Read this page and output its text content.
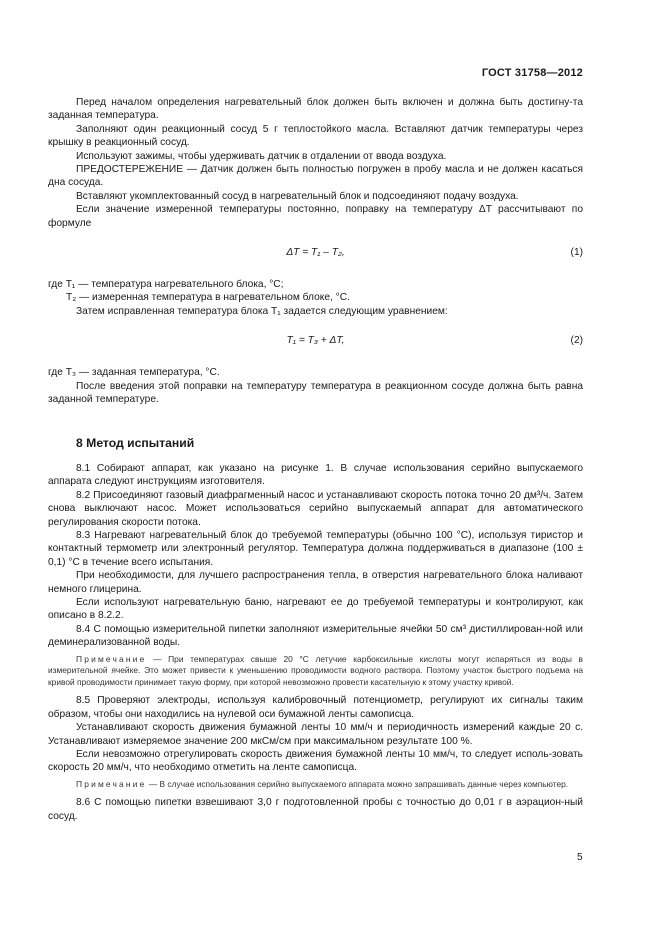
ГОСТ 31758—2012

Перед началом определения нагревательный блок должен быть включен и должна быть достигну-та заданная температура.

Заполняют один реакционный сосуд 5 г теплостойкого масла. Вставляют датчик температуры через крышку в реакционный сосуд.

Используют зажимы, чтобы удерживать датчик в отдалении от ввода воздуха.

ПРЕДОСТЕРЕЖЕНИЕ — Датчик должен быть полностью погружен в пробу масла и не должен касаться дна сосуда.

Вставляют укомплектованный сосуд в нагревательный блок и подсоединяют подачу воздуха.

Если значение измеренной температуры постоянно, поправку на температуру ΔT рассчитывают по формуле

ΔT = T₁ – T₂,	(1)

где T₁ — температура нагревательного блока, °C;

T₂ — измеренная температура в нагревательном блоке, °C.

Затем исправленная температура блока T₁ задается следующим уравнением:

T₁ = T₃ + ΔT,	(2)

где T₃ — заданная температура, °C.

После введения этой поправки на температуру температура в реакционном сосуде должна быть равна заданной температуре.

8 Метод испытаний

8.1 Собирают аппарат, как указано на рисунке 1. В случае использования серийно выпускаемого аппарата следуют инструкциям изготовителя.

8.2 Присоединяют газовый диафрагменный насос и устанавливают скорость потока точно 20 дм³/ч. Затем снова выключают насос. Может использоваться серийно выпускаемый аппарат для автоматического регулирования скорости потока.

8.3 Нагревают нагревательный блок до требуемой температуры (обычно 100 °C), используя тиристор и контактный термометр или электронный регулятор. Температура должна поддерживаться в диапазоне (100 ± 0,1) °C в течение всего испытания.

При необходимости, для лучшего распространения тепла, в отверстия нагревательного блока наливают немного глицерина.

Если используют нагревательную баню, нагревают ее до требуемой температуры и контролируют, как описано в 8.2.2.

8.4 С помощью измерительной пипетки заполняют измерительные ячейки 50 см³ дистиллирован-ной или деминерализованной воды.

Примечание — При температурах свыше 20 °С летучие карбоксильные кислоты могут испаряться из воды в измерительной ячейке. Это может привести к уменьшению проводимости водного раствора. Поэтому участок быстрого подъема на кривой проводимости принимает такую форму, при которой невозможно провести касательную к этому участку кривой.

8.5 Проверяют электроды, используя калибровочный потенциометр, регулируют их сигналы таким образом, чтобы они находились на нулевой оси бумажной ленты самописца.

Устанавливают скорость движения бумажной ленты 10 мм/ч и периодичность измерений каждые 20 с. Устанавливают измеряемое значение 200 мкСм/см при максимальном результате 100 %.

Если невозможно отрегулировать скорость движения бумажной ленты 10 мм/ч, то следует исполь-зовать скорость 20 мм/ч, что необходимо отметить на ленте самописца.

Примечание — В случае использования серийно выпускаемого аппарата можно запрашивать данные через компьютер.

8.6 С помощью пипетки взвешивают 3,0 г подготовленной пробы с точностью до 0,01 г в аэрацион-ный сосуд.

5
